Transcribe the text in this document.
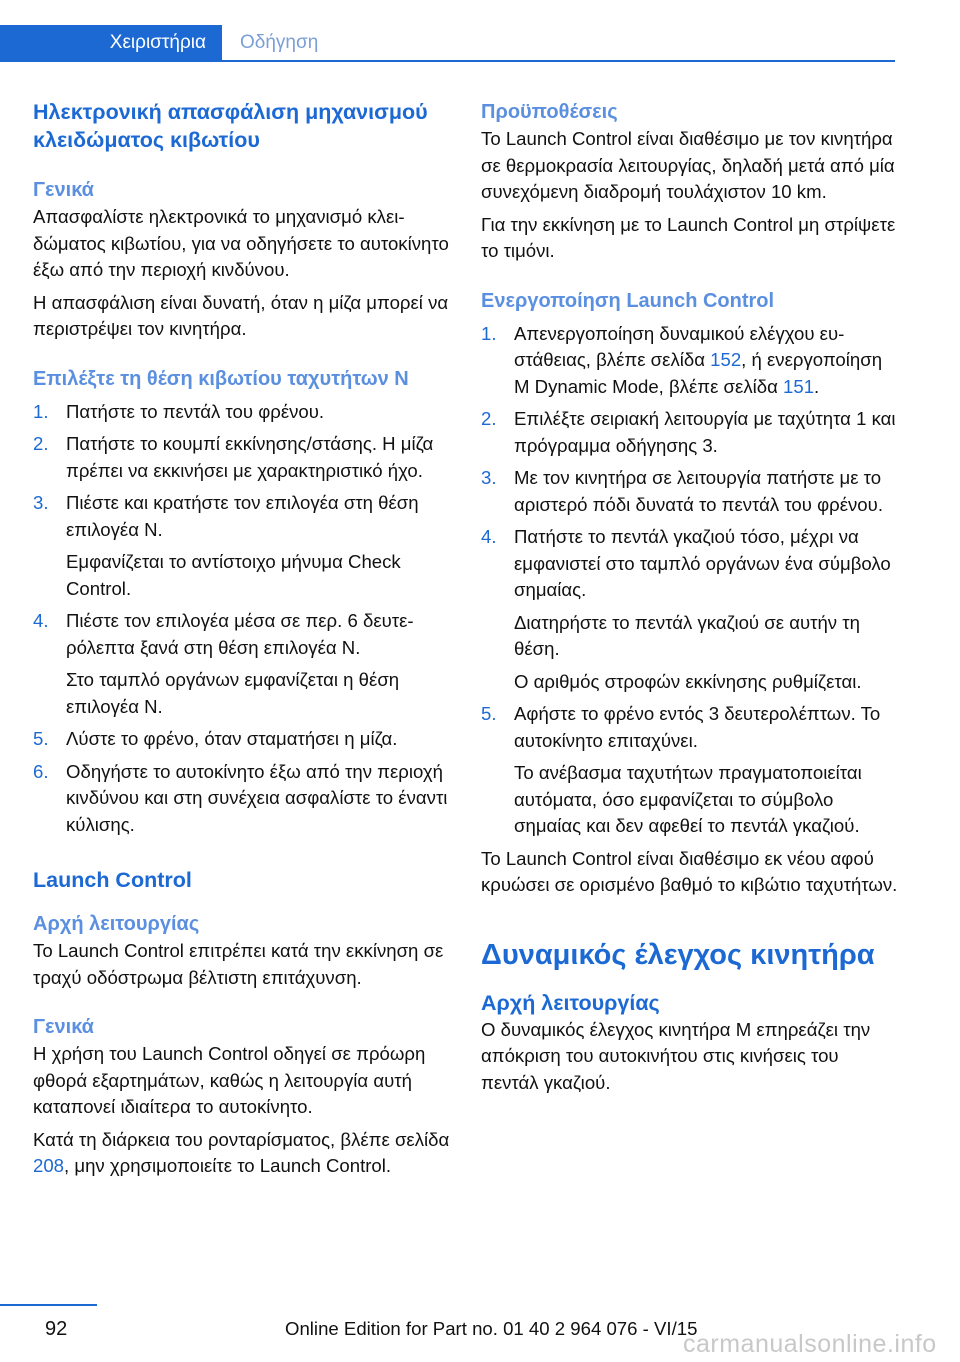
Χειριστήρια	Οδήγηση
Ηλεκτρονική απασφάλιση μηχανισμού κλειδώματος κιβωτίου
Γενικά
Απασφαλίστε ηλεκτρονικά το μηχανισμό κλειδώματος κιβωτίου, για να οδηγήσετε το αυτοκίνητο έξω από την περιοχή κινδύνου.
Η απασφάλιση είναι δυνατή, όταν η μίζα μπορεί να περιστρέψει τον κινητήρα.
Επιλέξτε τη θέση κιβωτίου ταχυτήτων N
1. Πατήστε το πεντάλ του φρένου.
2. Πατήστε το κουμπί εκκίνησης/στάσης. Η μίζα πρέπει να εκκινήσει με χαρακτηριστικό ήχο.
3. Πιέστε και κρατήστε τον επιλογέα στη θέση επιλογέα N.
Εμφανίζεται το αντίστοιχο μήνυμα Check Control.
4. Πιέστε τον επιλογέα μέσα σε περ. 6 δευτερόλεπτα ξανά στη θέση επιλογέα N.
Στο ταμπλό οργάνων εμφανίζεται η θέση επιλογέα N.
5. Λύστε το φρένο, όταν σταματήσει η μίζα.
6. Οδηγήστε το αυτοκίνητο έξω από την περιοχή κινδύνου και στη συνέχεια ασφαλίστε το έναντι κύλισης.
Launch Control
Αρχή λειτουργίας
Το Launch Control επιτρέπει κατά την εκκίνηση σε τραχύ οδόστρωμα βέλτιστη επιτάχυνση.
Γενικά
Η χρήση του Launch Control οδηγεί σε πρόωρη φθορά εξαρτημάτων, καθώς η λειτουργία αυτή καταπονεί ιδιαίτερα το αυτοκίνητο.
Κατά τη διάρκεια του ρονταρίσματος, βλέπε σελίδα 208, μην χρησιμοποιείτε το Launch Control.
Προϋποθέσεις
Το Launch Control είναι διαθέσιμο με τον κινητήρα σε θερμοκρασία λειτουργίας, δηλαδή μετά από μία συνεχόμενη διαδρομή τουλάχιστον 10 km.
Για την εκκίνηση με το Launch Control μη στρίψετε το τιμόνι.
Ενεργοποίηση Launch Control
1. Απενεργοποίηση δυναμικού ελέγχου ευστάθειας, βλέπε σελίδα 152, ή ενεργοποίηση M Dynamic Mode, βλέπε σελίδα 151.
2. Επιλέξτε σειριακή λειτουργία με ταχύτητα 1 και πρόγραμμα οδήγησης 3.
3. Με τον κινητήρα σε λειτουργία πατήστε με το αριστερό πόδι δυνατά το πεντάλ του φρένου.
4. Πατήστε το πεντάλ γκαζιού τόσο, μέχρι να εμφανιστεί στο ταμπλό οργάνων ένα σύμβολο σημαίας.
Διατηρήστε το πεντάλ γκαζιού σε αυτήν τη θέση.
Ο αριθμός στροφών εκκίνησης ρυθμίζεται.
5. Αφήστε το φρένο εντός 3 δευτερολέπτων. Το αυτοκίνητο επιταχύνει.
Το ανέβασμα ταχυτήτων πραγματοποιείται αυτόματα, όσο εμφανίζεται το σύμβολο σημαίας και δεν αφεθεί το πεντάλ γκαζιού.
Το Launch Control είναι διαθέσιμο εκ νέου αφού κρυώσει σε ορισμένο βαθμό το κιβώτιο ταχυτήτων.
Δυναμικός έλεγχος κινητήρα
Αρχή λειτουργίας
Ο δυναμικός έλεγχος κινητήρα M επηρεάζει την απόκριση του αυτοκινήτου στις κινήσεις του πεντάλ γκαζιού.
92	Online Edition for Part no. 01 40 2 964 076 - VI/15
carmanualsonline.info
